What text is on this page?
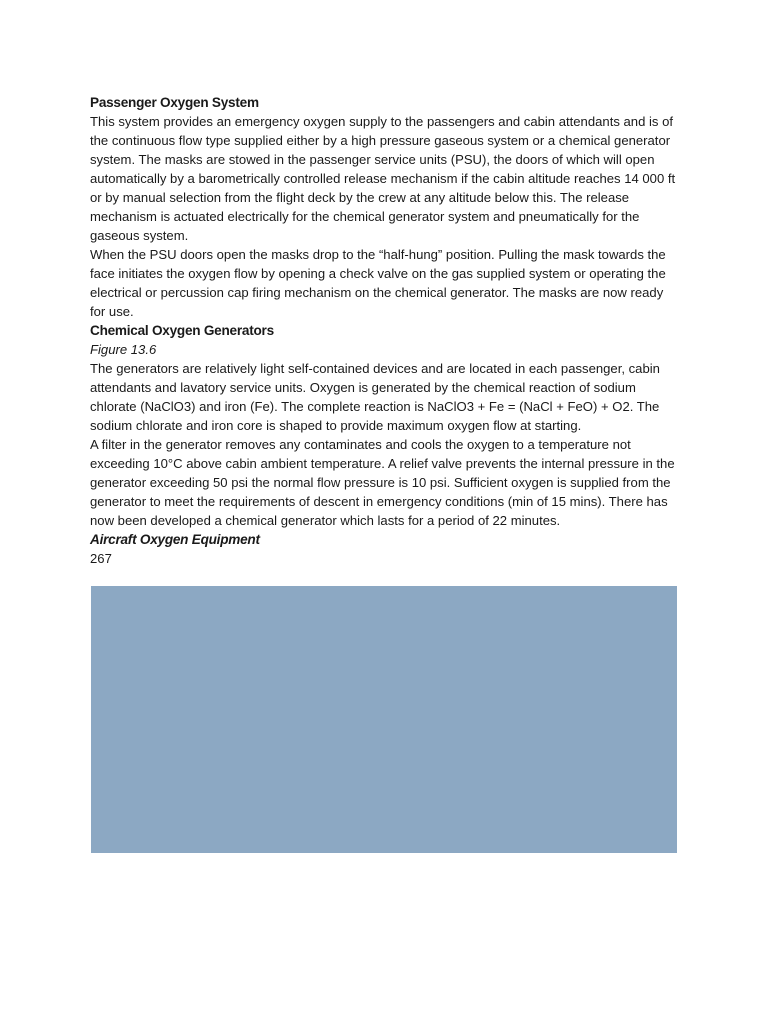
Passenger Oxygen System

This system provides an emergency oxygen supply to the passengers and cabin attendants and is of the continuous flow type supplied either by a high pressure gaseous system or a chemical generator system. The masks are stowed in the passenger service units (PSU), the doors of which will open automatically by a barometrically controlled release mechanism if the cabin altitude reaches 14 000 ft or by manual selection from the flight deck by the crew at any altitude below this. The release mechanism is actuated electrically for the chemical generator system and pneumatically for the gaseous system.

When the PSU doors open the masks drop to the “half-hung” position. Pulling the mask towards the face initiates the oxygen flow by opening a check valve on the gas supplied system or operating the electrical or percussion cap firing mechanism on the chemical generator. The masks are now ready for use.

Chemical Oxygen Generators

Figure 13.6

The generators are relatively light self-contained devices and are located in each passenger, cabin attendants and lavatory service units. Oxygen is generated by the chemical reaction of sodium chlorate (NaClO3) and iron (Fe). The complete reaction is NaClO3 + Fe = (NaCl + FeO) + O2. The sodium chlorate and iron core is shaped to provide maximum oxygen flow at starting.

A filter in the generator removes any contaminates and cools the oxygen to a temperature not exceeding 10°C above cabin ambient temperature. A relief valve prevents the internal pressure in the generator exceeding 50 psi the normal flow pressure is 10 psi. Sufficient oxygen is supplied from the generator to meet the requirements of descent in emergency conditions (min of 15 mins). There has now been developed a chemical generator which lasts for a period of 22 minutes.

Aircraft Oxygen Equipment

267
